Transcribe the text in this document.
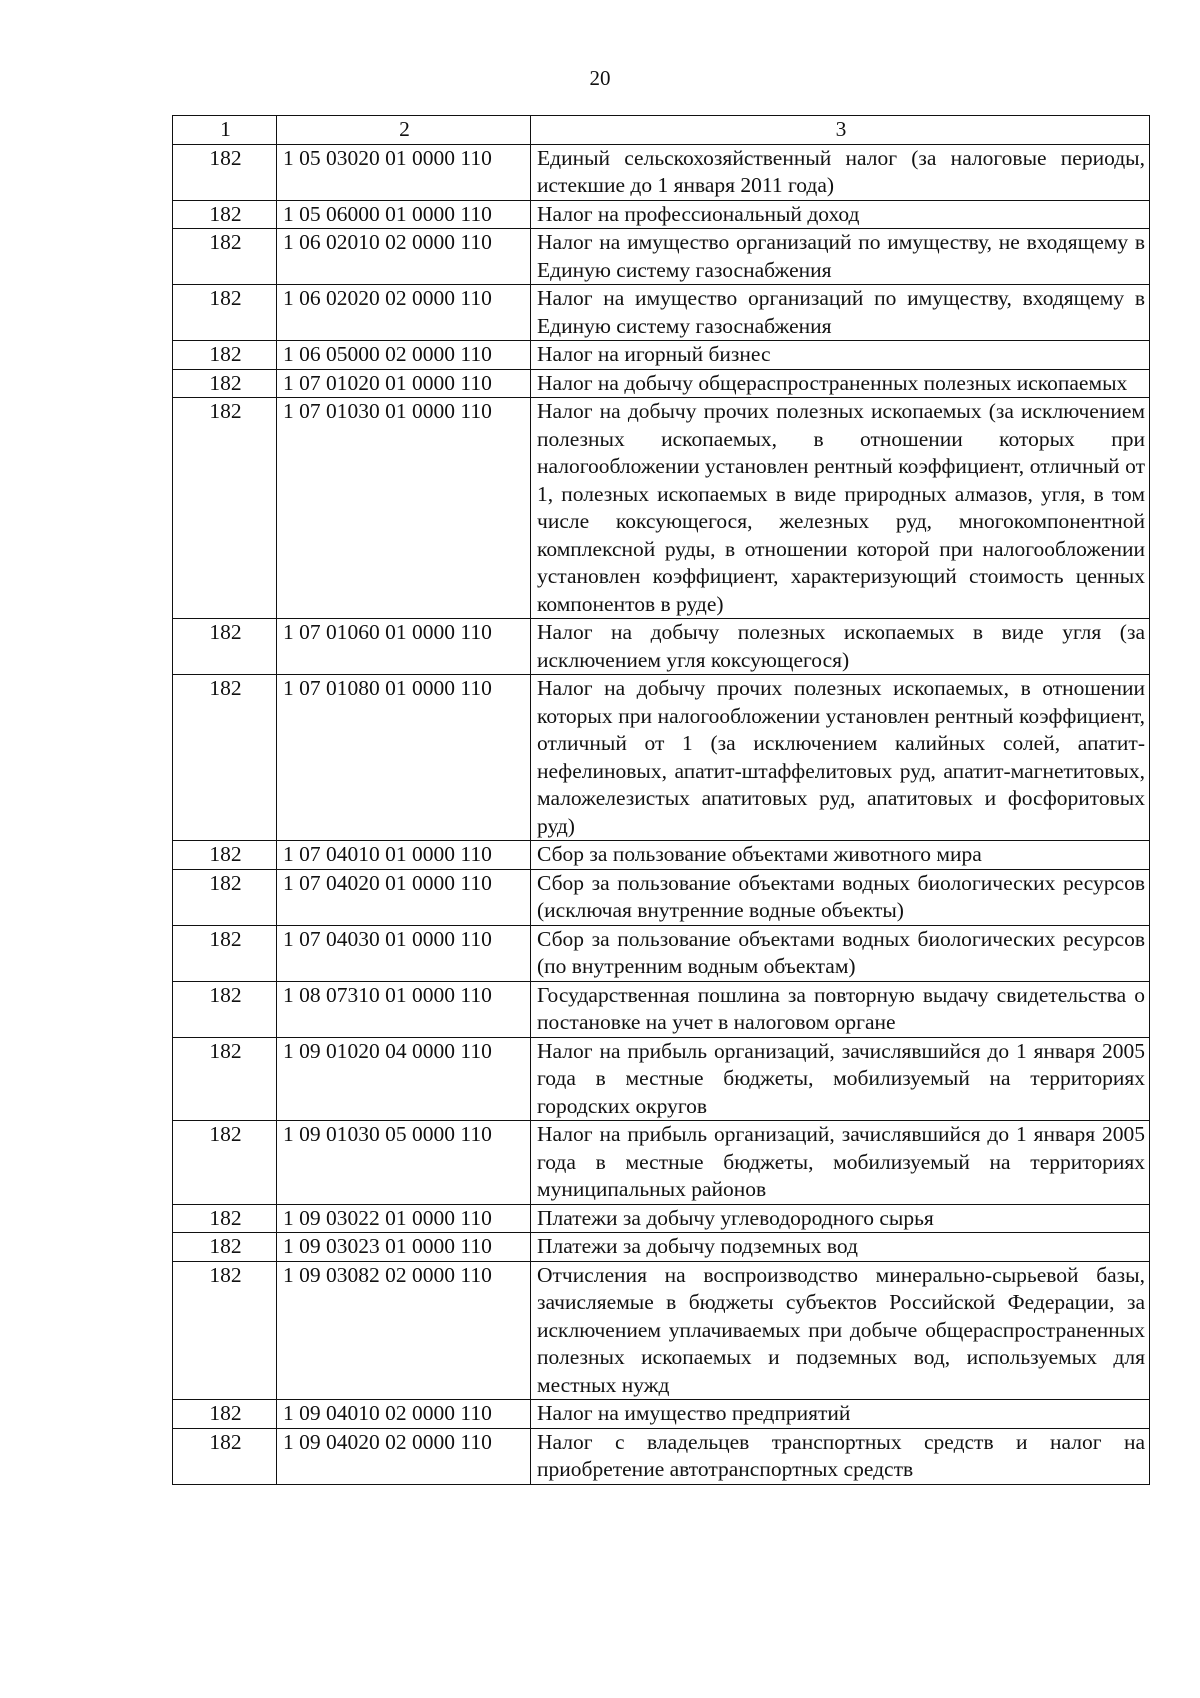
20
1	2	3
182	1 05 03020 01 0000 110	Единый сельскохозяйственный налог (за налоговые периоды, истекшие до 1 января 2011 года)
182	1 05 06000 01 0000 110	Налог на профессиональный доход
182	1 06 02010 02 0000 110	Налог на имущество организаций по имуществу, не входящему в Единую систему газоснабжения
182	1 06 02020 02 0000 110	Налог на имущество организаций по имуществу, входящему в Единую систему газоснабжения
182	1 06 05000 02 0000 110	Налог на игорный бизнес
182	1 07 01020 01 0000 110	Налог на добычу общераспространенных полезных ископаемых
182	1 07 01030 01 0000 110	Налог на добычу прочих полезных ископаемых (за исключением полезных ископаемых, в отношении которых при налогообложении установлен рентный коэффициент, отличный от 1, полезных ископаемых в виде природных алмазов, угля, в том числе коксующегося, железных руд, многокомпонентной комплексной руды, в отношении которой при налогообложении установлен коэффициент, характеризующий стоимость ценных компонентов в руде)
182	1 07 01060 01 0000 110	Налог на добычу полезных ископаемых в виде угля (за исключением угля коксующегося)
182	1 07 01080 01 0000 110	Налог на добычу прочих полезных ископаемых, в отношении которых при налогообложении установлен рентный коэффициент, отличный от 1 (за исключением калийных солей, апатит-нефелиновых, апатит-штаффелитовых руд, апатит-магнетитовых, маложелезистых апатитовых руд, апатитовых и фосфоритовых руд)
182	1 07 04010 01 0000 110	Сбор за пользование объектами животного мира
182	1 07 04020 01 0000 110	Сбор за пользование объектами водных биологических ресурсов (исключая внутренние водные объекты)
182	1 07 04030 01 0000 110	Сбор за пользование объектами водных биологических ресурсов (по внутренним водным объектам)
182	1 08 07310 01 0000 110	Государственная пошлина за повторную выдачу свидетельства о постановке на учет в налоговом органе
182	1 09 01020 04 0000 110	Налог на прибыль организаций, зачислявшийся до 1 января 2005 года в местные бюджеты, мобилизуемый на территориях городских округов
182	1 09 01030 05 0000 110	Налог на прибыль организаций, зачислявшийся до 1 января 2005 года в местные бюджеты, мобилизуемый на территориях муниципальных районов
182	1 09 03022 01 0000 110	Платежи за добычу углеводородного сырья
182	1 09 03023 01 0000 110	Платежи за добычу подземных вод
182	1 09 03082 02 0000 110	Отчисления на воспроизводство минерально-сырьевой базы, зачисляемые в бюджеты субъектов Российской Федерации, за исключением уплачиваемых при добыче общераспространенных полезных ископаемых и подземных вод, используемых для местных нужд
182	1 09 04010 02 0000 110	Налог на имущество предприятий
182	1 09 04020 02 0000 110	Налог с владельцев транспортных средств и налог на приобретение автотранспортных средств
